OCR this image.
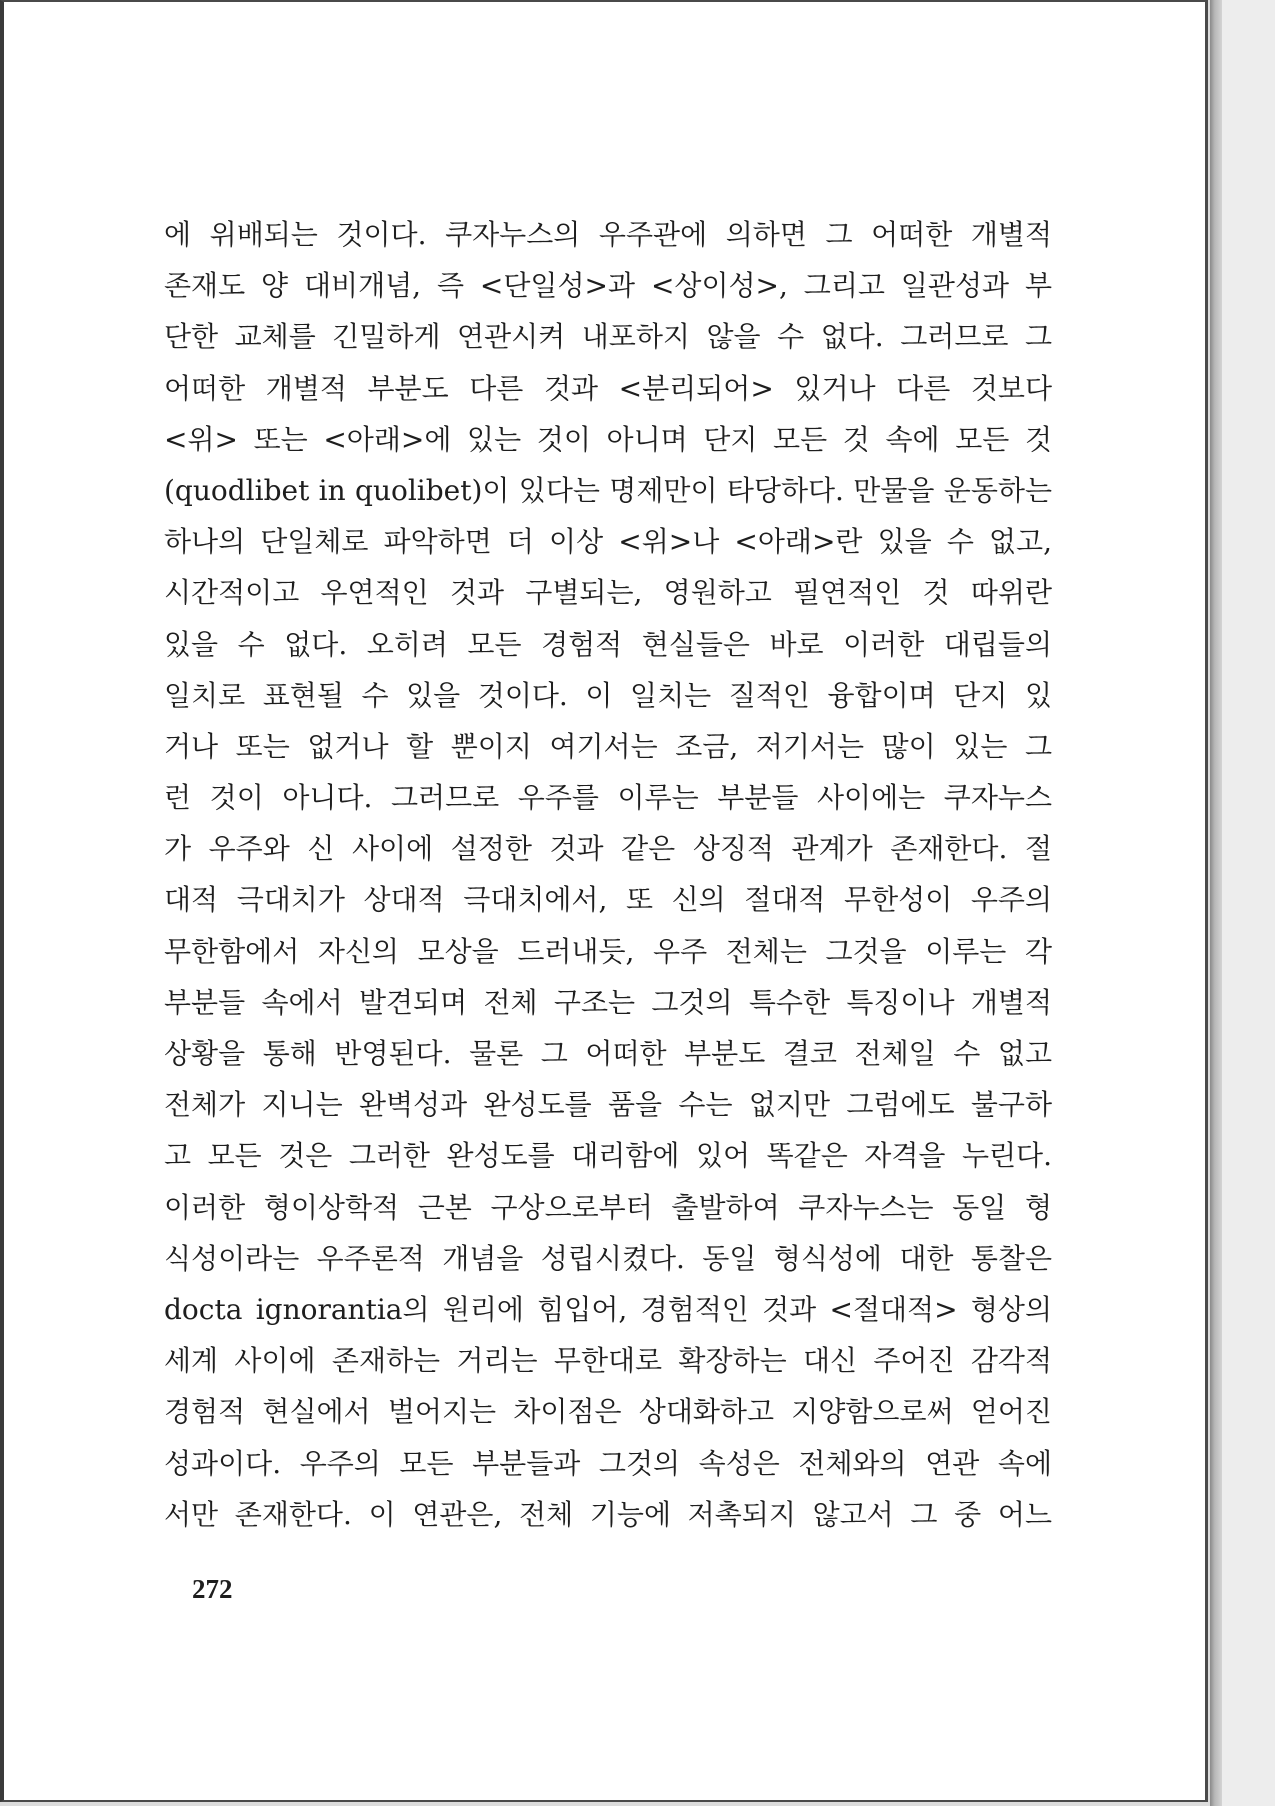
에 위배되는 것이다. 쿠자누스의 우주관에 의하면 그 어떠한 개별적
존재도 양 대비개념, 즉 <단일성>과 <상이성>, 그리고 일관성과 부
단한 교체를 긴밀하게 연관시켜 내포하지 않을 수 없다. 그러므로 그
어떠한 개별적 부분도 다른 것과 <분리되어> 있거나 다른 것보다
<위> 또는 <아래>에 있는 것이 아니며 단지 모든 것 속에 모든 것
(quodlibet in quolibet)이 있다는 명제만이 타당하다. 만물을 운동하는
하나의 단일체로 파악하면 더 이상 <위>나 <아래>란 있을 수 없고,
시간적이고 우연적인 것과 구별되는, 영원하고 필연적인 것 따위란
있을 수 없다. 오히려 모든 경험적 현실들은 바로 이러한 대립들의
일치로 표현될 수 있을 것이다. 이 일치는 질적인 융합이며 단지 있
거나 또는 없거나 할 뿐이지 여기서는 조금, 저기서는 많이 있는 그
런 것이 아니다. 그러므로 우주를 이루는 부분들 사이에는 쿠자누스
가 우주와 신 사이에 설정한 것과 같은 상징적 관계가 존재한다. 절
대적 극대치가 상대적 극대치에서, 또 신의 절대적 무한성이 우주의
무한함에서 자신의 모상을 드러내듯, 우주 전체는 그것을 이루는 각
부분들 속에서 발견되며 전체 구조는 그것의 특수한 특징이나 개별적
상황을 통해 반영된다. 물론 그 어떠한 부분도 결코 전체일 수 없고
전체가 지니는 완벽성과 완성도를 품을 수는 없지만 그럼에도 불구하
고 모든 것은 그러한 완성도를 대리함에 있어 똑같은 자격을 누린다.
이러한 형이상학적 근본 구상으로부터 출발하여 쿠자누스는 동일 형
식성이라는 우주론적 개념을 성립시켰다. 동일 형식성에 대한 통찰은
docta ignorantia의 원리에 힘입어, 경험적인 것과 <절대적> 형상의
세계 사이에 존재하는 거리는 무한대로 확장하는 대신 주어진 감각적
경험적 현실에서 벌어지는 차이점은 상대화하고 지양함으로써 얻어진
성과이다. 우주의 모든 부분들과 그것의 속성은 전체와의 연관 속에
서만 존재한다. 이 연관은, 전체 기능에 저촉되지 않고서 그 중 어느
272
